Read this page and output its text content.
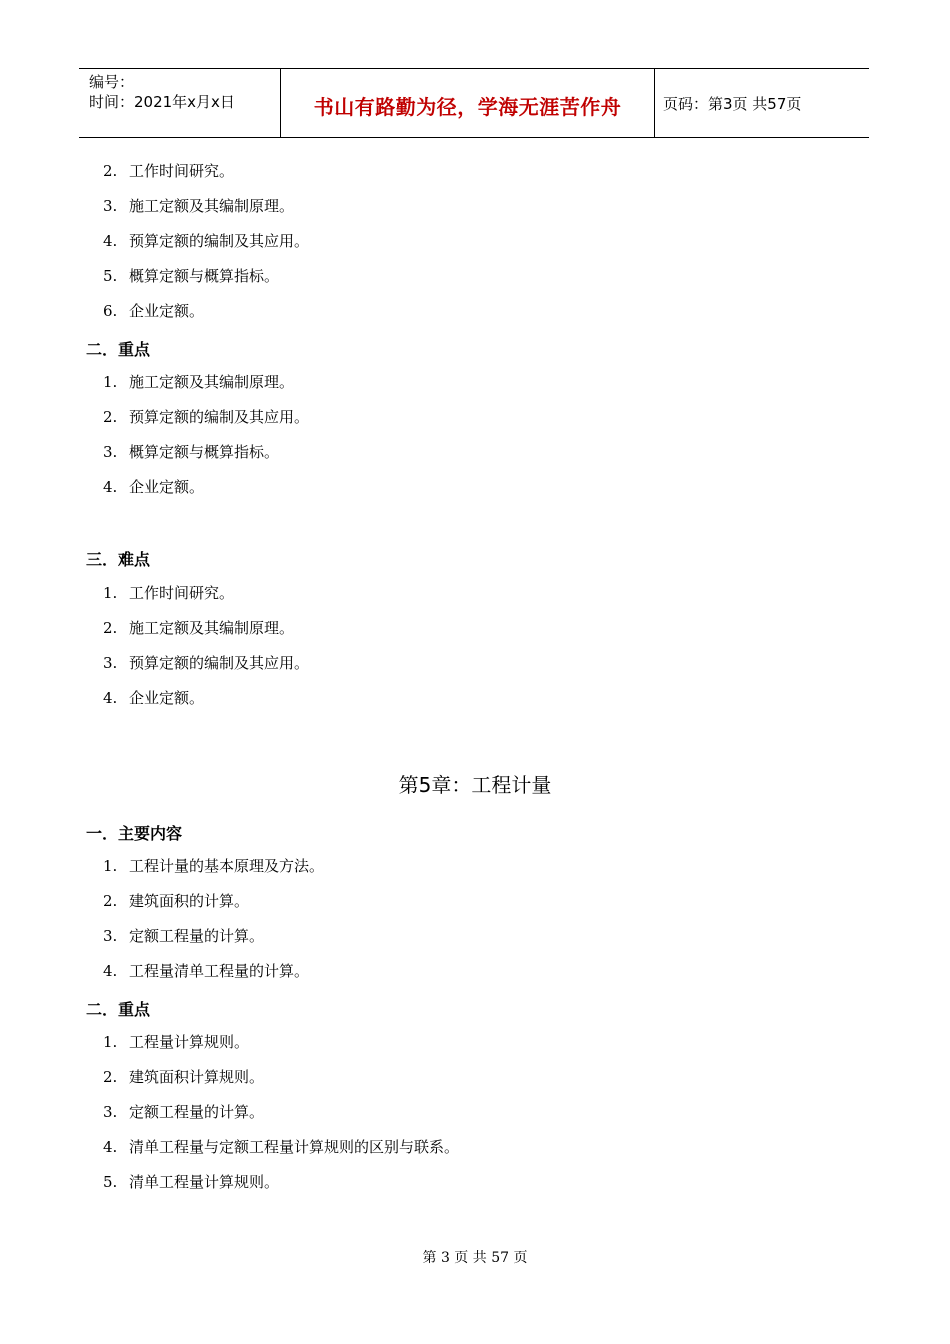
编号：
时间：2021年x月x日	书山有路勤为径，学海无涯苦作舟	页码：第3页 共57页
2. 工作时间研究。
3. 施工定额及其编制原理。
4. 预算定额的编制及其应用。
5. 概算定额与概算指标。
6. 企业定额。
二．重点
1. 施工定额及其编制原理。
2. 预算定额的编制及其应用。
3. 概算定额与概算指标。
4. 企业定额。
三．难点
1. 工作时间研究。
2. 施工定额及其编制原理。
3. 预算定额的编制及其应用。
4. 企业定额。
第5章：工程计量
一．主要内容
1. 工程计量的基本原理及方法。
2. 建筑面积的计算。
3. 定额工程量的计算。
4. 工程量清单工程量的计算。
二．重点
1. 工程量计算规则。
2. 建筑面积计算规则。
3. 定额工程量的计算。
4. 清单工程量与定额工程量计算规则的区别与联系。
5. 清单工程量计算规则。
第 3 页 共 57 页
